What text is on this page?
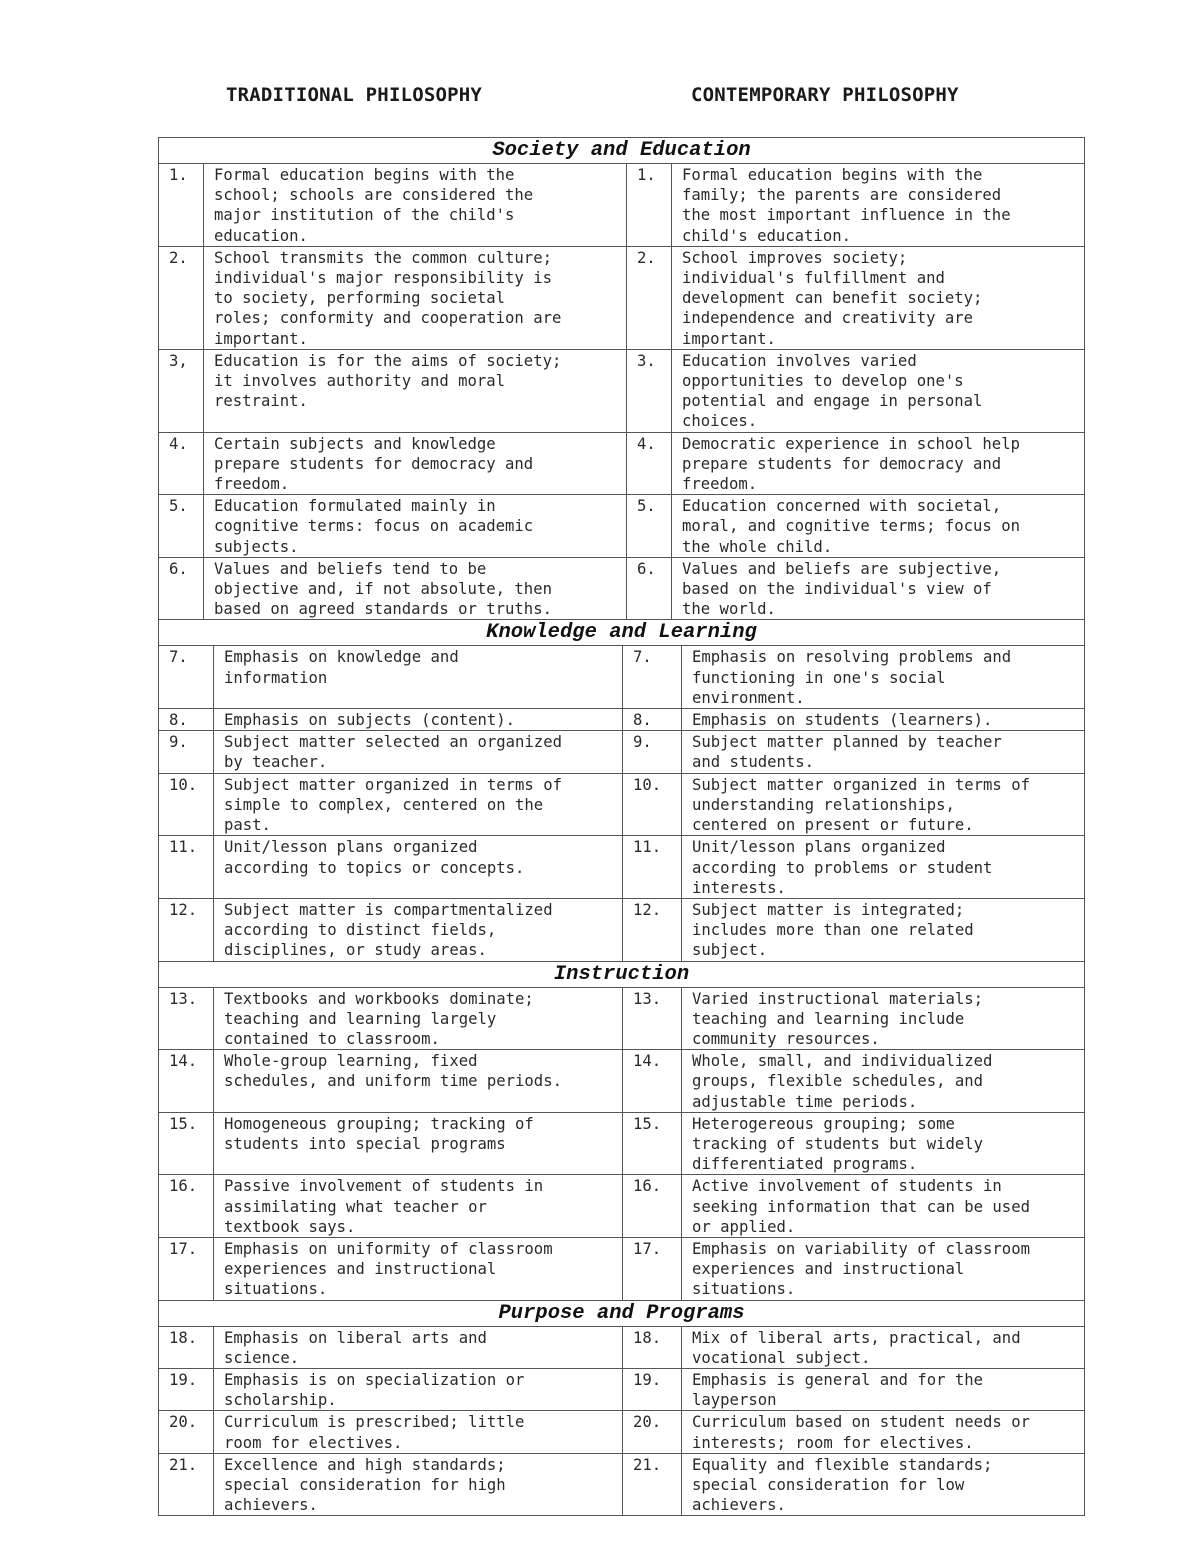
TRADITIONAL PHILOSOPHY	CONTEMPORARY PHILOSOPHY
Society and Education						
1.	Formal education begins with the
school; schools are considered the
major institution of the child's
education.			1.	Formal education begins with the
family; the parents are considered
the most important influence in the
child's education.	
2.	School transmits the common culture;
individual's major responsibility is
to society, performing societal
roles; conformity and cooperation are
important.			2.	School improves society;
individual's fulfillment and
development can benefit society;
independence and creativity are
important.	
3,	Education is for the aims of society;
it involves authority and moral
restraint.			3.	Education involves varied
opportunities to develop one's
potential and engage in personal
choices.	
4.	Certain subjects and knowledge
prepare students for democracy and
freedom.			4.	Democratic experience in school help
prepare students for democracy and
freedom.	
5.	Education formulated mainly in
cognitive terms: focus on academic
subjects.			5.	Education concerned with societal,
moral, and cognitive terms; focus on
the whole child.	
6.	Values and beliefs tend to be
objective and, if not absolute, then
based on agreed standards or truths.			6.	Values and beliefs are subjective,
based on the individual's view of
the world.	
Knowledge and Learning						
7.		Emphasis on knowledge and
information	7.			Emphasis on resolving problems and
functioning in one's social
environment.
8.		Emphasis on subjects (content).	8.			Emphasis on students (learners).
9.		Subject matter selected an organized
by teacher.	9.			Subject matter planned by teacher
and students.
10.		Subject matter organized in terms of
simple to complex, centered on the
past.	10.			Subject matter organized in terms of
understanding relationships,
centered on present or future.
11.		Unit/lesson plans organized
according to topics or concepts.	11.			Unit/lesson plans organized
according to problems or student
interests.
12.		Subject matter is compartmentalized
according to distinct fields,
disciplines, or study areas.	12.			Subject matter is integrated;
includes more than one related
subject.
Instruction						
13.		Textbooks and workbooks dominate;
teaching and learning largely
contained to classroom.	13.			Varied instructional materials;
teaching and learning include
community resources.
14.		Whole-group learning, fixed
schedules, and uniform time periods.	14.			Whole, small, and individualized
groups, flexible schedules, and
adjustable time periods.
15.		Homogeneous grouping; tracking of
students into special programs	15.			Heterogereous grouping; some
tracking of students but widely
differentiated programs.
16.		Passive involvement of students in
assimilating what teacher or
textbook says.	16.			Active involvement of students in
seeking information that can be used
or applied.
17.		Emphasis on uniformity of classroom
experiences and instructional
situations.	17.			Emphasis on variability of classroom
experiences and instructional
situations.
Purpose and Programs						
18.		Emphasis on liberal arts and
science.	18.			Mix of liberal arts, practical, and
vocational subject.
19.		Emphasis is on specialization or
scholarship.	19.			Emphasis is general and for the
layperson
20.		Curriculum is prescribed; little
room for electives.	20.			Curriculum based on student needs or
interests; room for electives.
21.		Excellence and high standards;
special consideration for high
achievers.	21.			Equality and flexible standards;
special consideration for low
achievers.
